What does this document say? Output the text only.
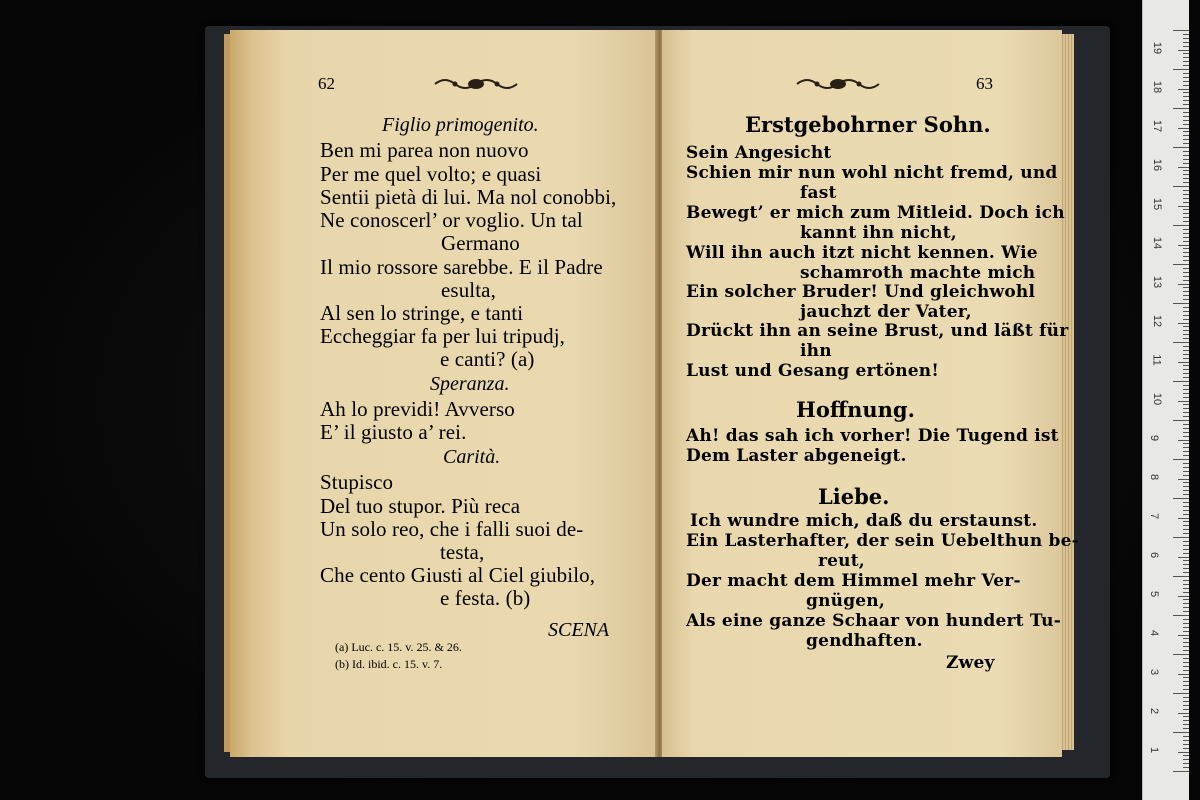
62
Figlio primogenito.
Ben mi parea non nuovo
Per me quel volto; e quasi
Sentii pietà di lui. Ma nol conobbi,
Ne conoscerl’ or voglio. Un tal
Germano
Il mio rossore sarebbe. E il Padre
esulta,
Al sen lo stringe, e tanti
Eccheggiar fa per lui tripudj,
e canti? (a)
Speranza.
Ah lo previdi! Avverso
E’ il giusto a’ rei.
Carità.
Stupisco
Del tuo stupor. Più reca
Un solo reo, che i falli suoi de-
testa,
Che cento Giusti al Ciel giubilo,
e festa. (b)
SCENA
(a) Luc. c. 15. v. 25. & 26.
(b) Id. ibid. c. 15. v. 7.
63
Erstgebohrner Sohn.
Sein Angesicht
Schien mir nun wohl nicht fremd, und
fast
Bewegt’ er mich zum Mitleid. Doch ich
kannt ihn nicht,
Will ihn auch itzt nicht kennen. Wie
schamroth machte mich
Ein solcher Bruder! Und gleichwohl
jauchzt der Vater,
Drückt ihn an seine Brust, und läßt für
ihn
Lust und Gesang ertönen!
Hoffnung.
Ah! das sah ich vorher! Die Tugend ist
Dem Laster abgeneigt.
Liebe.
Ich wundre mich, daß du erstaunst.
Ein Lasterhafter, der sein Uebelthun be-
reut,
Der macht dem Himmel mehr Ver-
gnügen,
Als eine ganze Schaar von hundert Tu-
gendhaften.
Zwey
19
18
17
16
15
14
13
12
11
10
9
8
7
6
5
4
3
2
1
